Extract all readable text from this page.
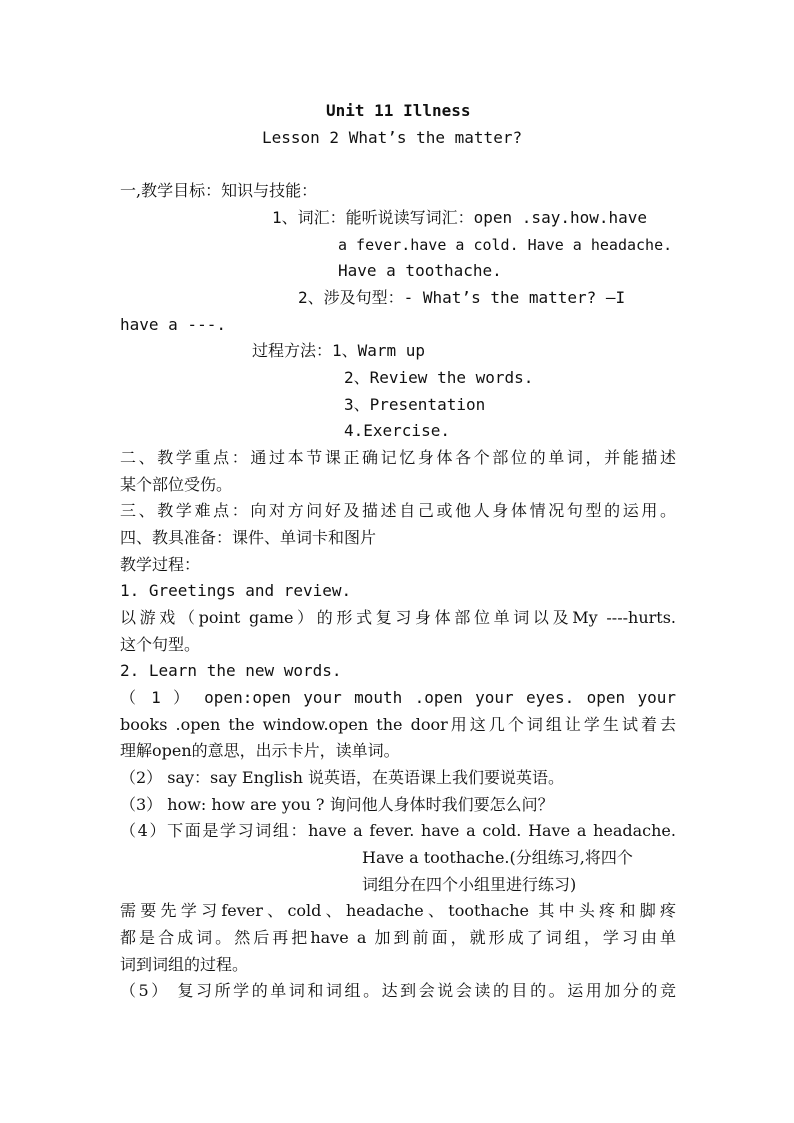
Unit 11 Illness
Lesson 2 What’s the matter?
一,教学目标：知识与技能：
1、词汇：能听说读写词汇：open .say.how.have
a fever.have a cold. Have a headache.
Have a toothache.
2、涉及句型：- What’s the matter? –I
have a ---.
过程方法：1、Warm up
2、Review the words.
3、Presentation
4.Exercise.
二、教学重点：通过本节课正确记忆身体各个部位的单词，并能描述
某个部位受伤。
三、教学难点：向对方问好及描述自己或他人身体情况句型的运用。
四、教具准备：课件、单词卡和图片
教学过程：
1. Greetings and review.
以游戏（point game）的形式复习身体部位单词以及My ----hurts.
这个句型。
2. Learn the new words.
（ 1 ） open:open your mouth .open your eyes. open your
books .open the window.open the door用这几个词组让学生试着去
理解open的意思，出示卡片，读单词。
（2） say：say English 说英语，在英语课上我们要说英语。
（3） how: how are you ? 询问他人身体时我们要怎么问？
（4）下面是学习词组：have a fever. have a cold. Have a headache.
Have a toothache.(分组练习,将四个
词组分在四个小组里进行练习)
需要先学习fever、cold、headache、toothache 其中头疼和脚疼
都是合成词。然后再把have a 加到前面，就形成了词组，学习由单
词到词组的过程。
（5） 复习所学的单词和词组。达到会说会读的目的。运用加分的竞
